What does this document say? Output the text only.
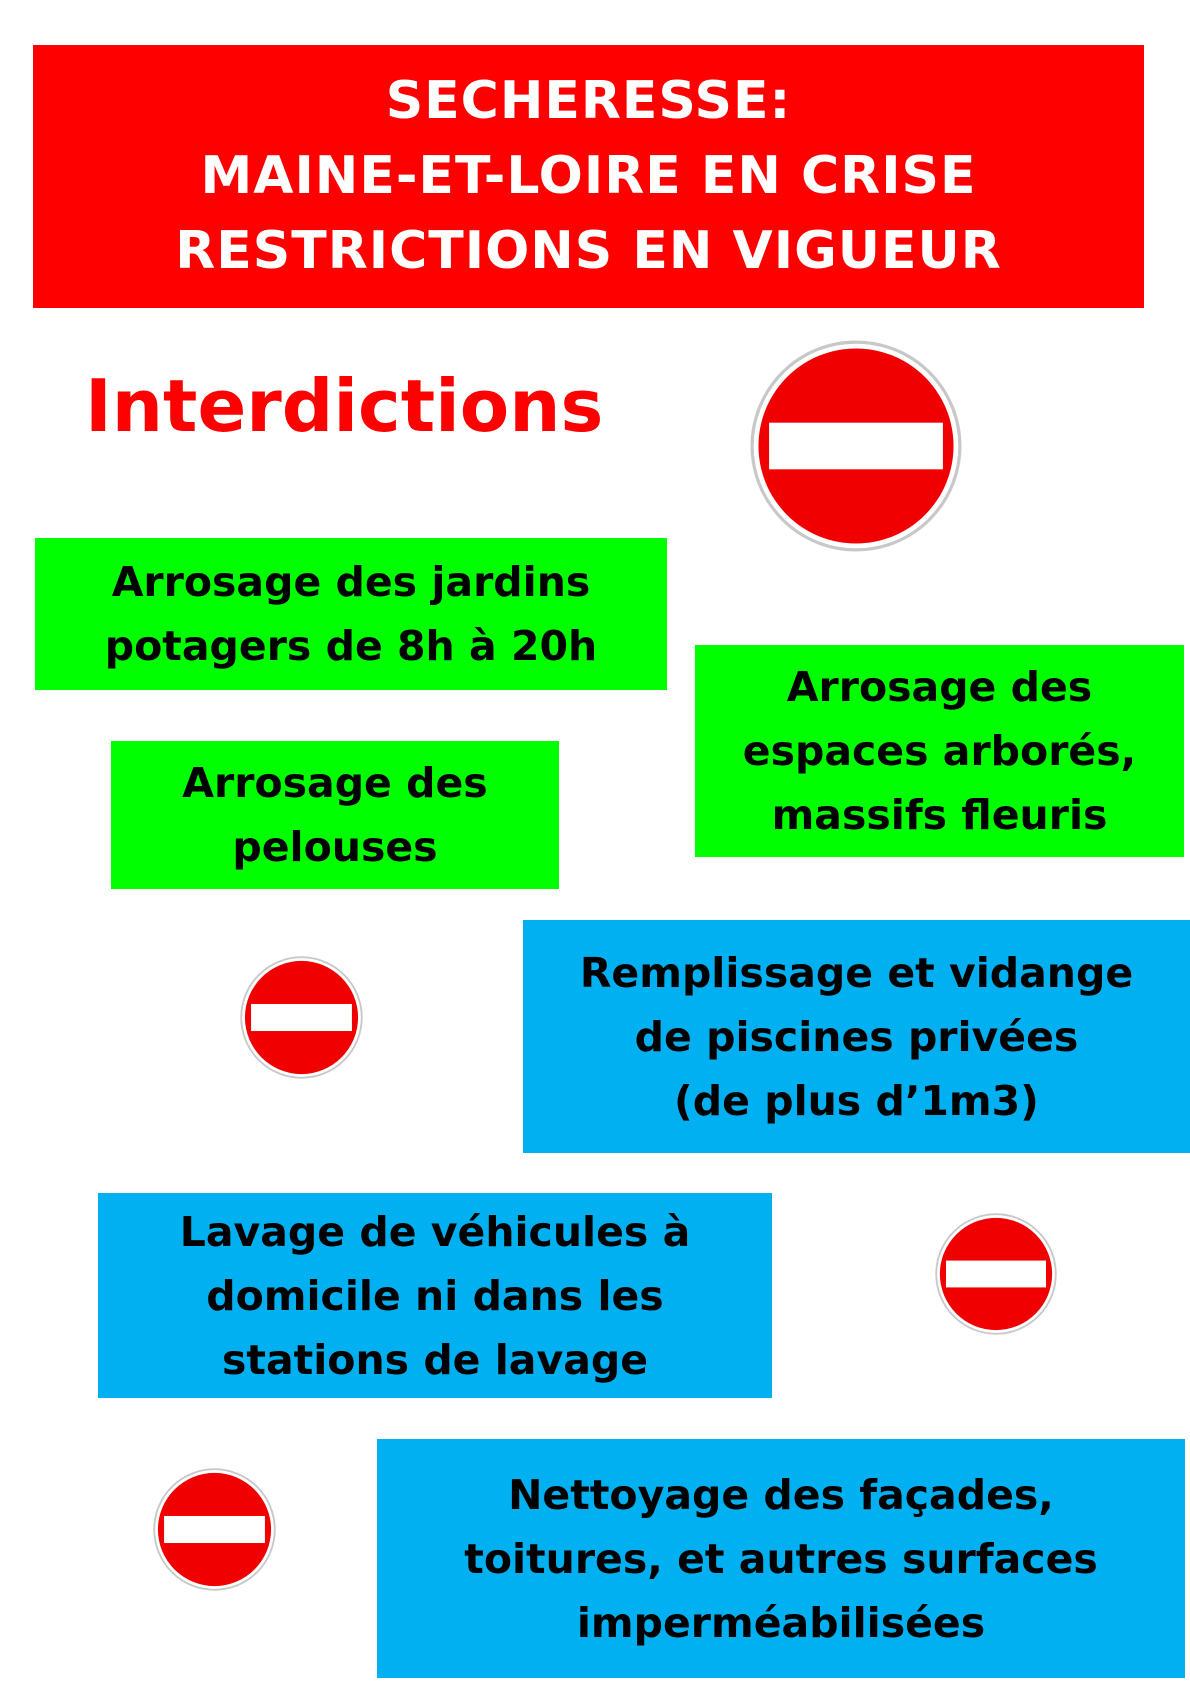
SECHERESSE:
MAINE-ET-LOIRE EN CRISE
RESTRICTIONS EN VIGUEUR
Interdictions
Arrosage des jardins
potagers de 8h à 20h
Arrosage des
espaces arborés,
massifs fleuris
Arrosage des
pelouses
Remplissage et vidange
de piscines privées
(de plus d’1m3)
Lavage de véhicules à
domicile ni dans les
stations de lavage
Nettoyage des façades,
toitures, et autres surfaces
imperméabilisées
